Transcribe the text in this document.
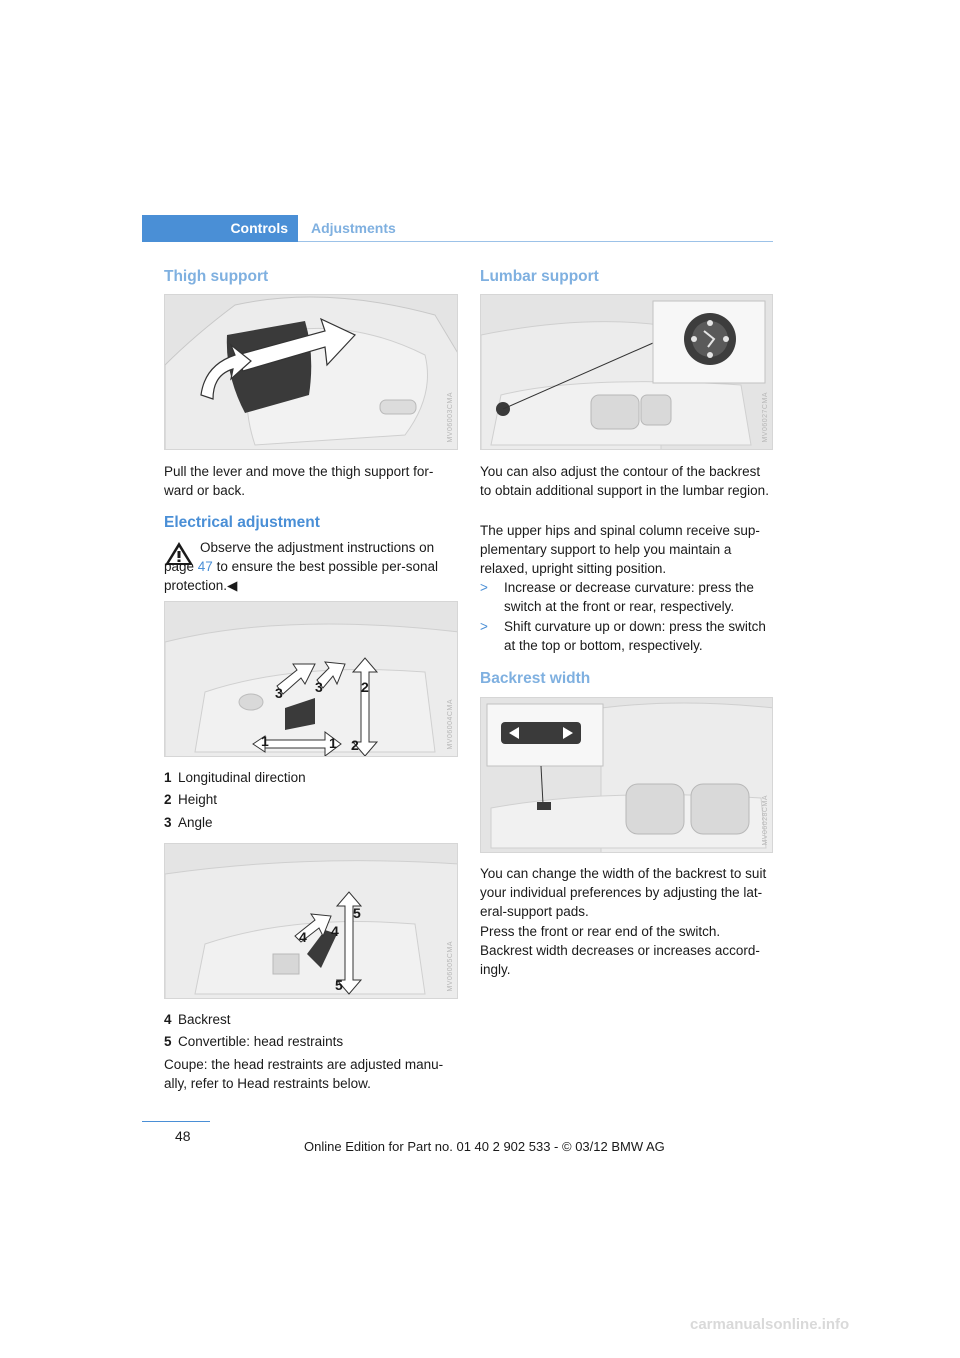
Controls	Adjustments
Thigh support
MV06003CMA

Pull the lever and move the thigh support for-ward or back.

Electrical adjustment

Observe the adjustment instructions on page 47 to ensure the best possible per-sonal protection.◀

3 3
1	1
2
2	MV06004CMA

1 Longitudinal direction

2 Height

3 Angle

4 4
5
5	MV06005CMA

4 Backrest

5 Convertible: head restraints

Coupe: the head restraints are adjusted manu-ally, refer to Head restraints below.

Lumbar support
MV06027CMA

You can also adjust the contour of the backrest to obtain additional support in the lumbar region.

The upper hips and spinal column receive sup-plementary support to help you maintain a relaxed, upright sitting position.

> Increase or decrease curvature: press the switch at the front or rear, respectively.
> Shift curvature up or down: press the switch at the top or bottom, respectively.
Backrest width
MV06028CMA

You can change the width of the backrest to suit your individual preferences by adjusting the lat-eral-support pads.

Press the front or rear end of the switch. Backrest width decreases or increases accord-ingly.

48
Online Edition for Part no. 01 40 2 902 533 - © 03/12 BMW AG
carmanualsonline.info
